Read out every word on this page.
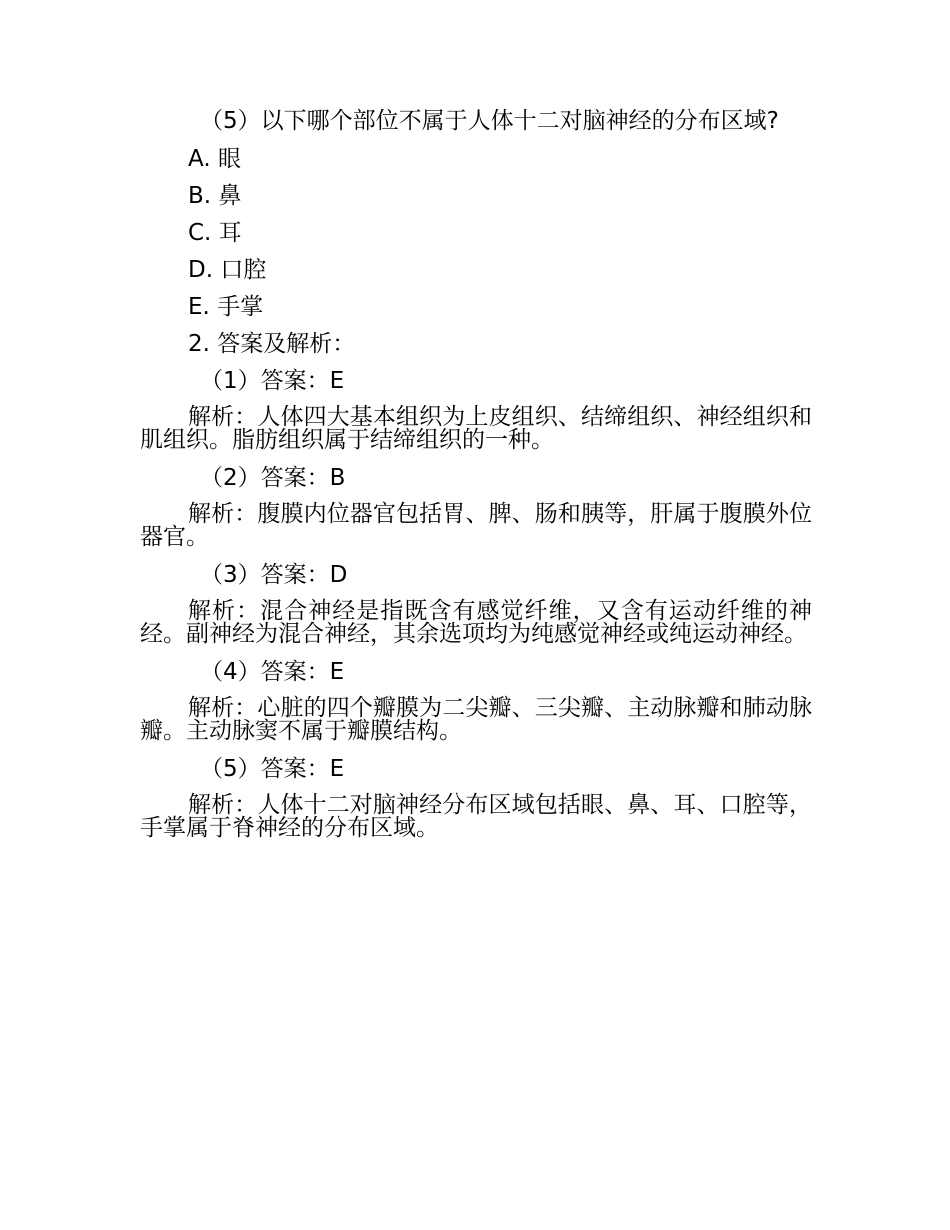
（5）以下哪个部位不属于人体十二对脑神经的分布区域?
A. 眼
B. 鼻
C. 耳
D. 口腔
E. 手掌
2. 答案及解析：
（1）答案：E
解析：人体四大基本组织为上皮组织、结缔组织、神经组织和肌组织。脂肪组织属于结缔组织的一种。
（2）答案：B
解析：腹膜内位器官包括胃、脾、肠和胰等，肝属于腹膜外位器官。
（3）答案：D
解析：混合神经是指既含有感觉纤维，又含有运动纤维的神经。副神经为混合神经，其余选项均为纯感觉神经或纯运动神经。
（4）答案：E
解析：心脏的四个瓣膜为二尖瓣、三尖瓣、主动脉瓣和肺动脉瓣。主动脉窦不属于瓣膜结构。
（5）答案：E
解析：人体十二对脑神经分布区域包括眼、鼻、耳、口腔等，手掌属于脊神经的分布区域。
